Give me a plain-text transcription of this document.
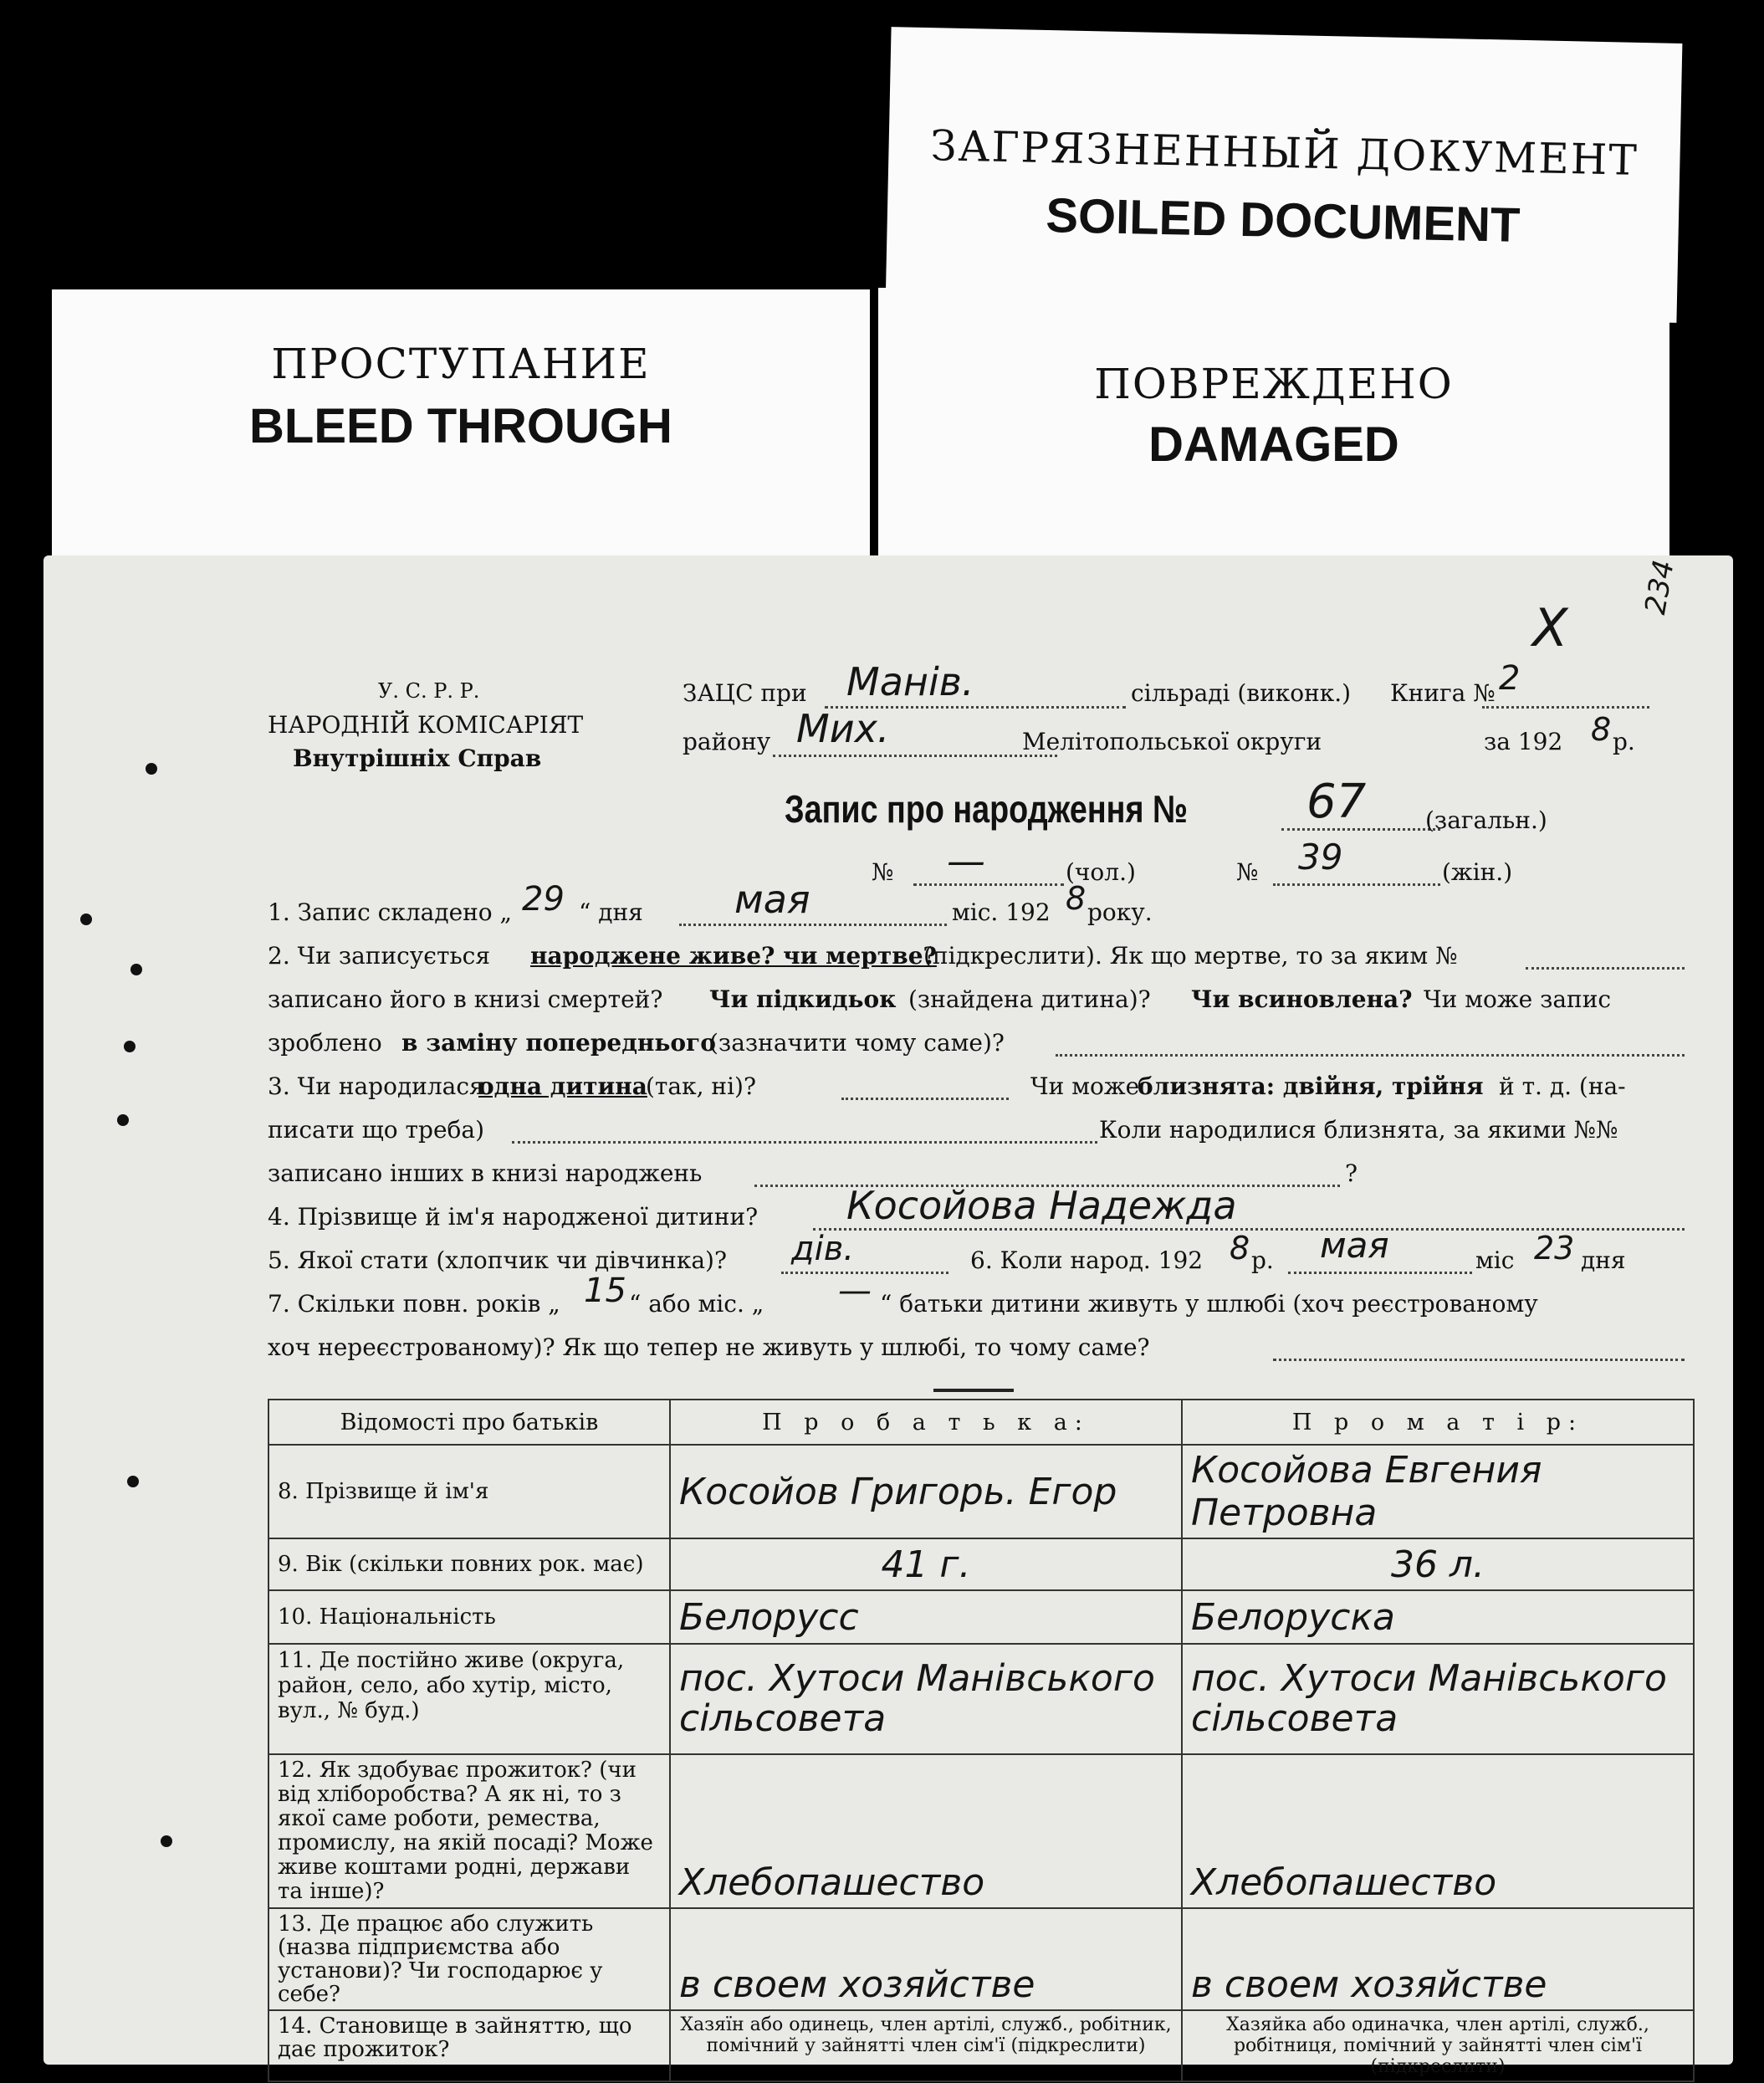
ЗАГРЯЗНЕННЫЙ ДОКУМЕНТ
SOILED DOCUMENT
ПРОСТУПАНИЕ
BLEED THROUGH
ПОВРЕЖДЕНО
DAMAGED
X
234
У. С. Р. Р.
НАРОДНІЙ КОМІСАРІЯТ
Внутрішніх Справ
ЗАЦС при Манів.	сільраді (виконк.) Книга № 2
району Мих.	Мелітопольської округи	за 192 8 р.
Запис про народження №	67	(загальн.)
№ —	(чол.)	№ 39	(жін.)
1. Запис складено „ 29 “ дня мая	міс. 192 8 року.
2. Чи записується народжене живе? чи мертве?
(підкреслити). Як що мертве, то за яким №
записано його в книзі смертей? Чи підкидьок (знайдена дитина)? Чи всиновлена? Чи може запис
зроблено в заміну попереднього
(зазначити чому саме)?
3. Чи народилася
одна дитина
(так, ні)?	Чи може
близнята: двійня, трійня й т. д. (на-
писати що треба)	Коли народилися близнята, за якими №№
записано інших в книзі народжень	?
4. Прізвище й ім'я народженої дитини? Косойова Надежда
5. Якої стати (хлопчик чи дівчинка)? дів.	6. Коли народ. 192 8 р. мая	міс 23 дня
7. Скільки повн. років „ 15 “ або міс. „ — “ батьки дитини живуть у шлюбі (хоч реєстрованому
хоч нереєстрованому)? Як що тепер не живуть у шлюбі, то чому саме?
Відомості про батьків	П р о б а т ь к а:	П р о м а т і р:
8. Прізвище й ім'я	Косойов Григорь. Егор	Косойова Евгения Петровна
9. Вік (скільки повних рок. має)	41 г.	36 л.
10. Національність	Белорусс	Белоруска
11. Де постійно живе (округа, район, село, або хутір, місто, вул., № буд.)	пос. Хутоси Манівського сільсовета	пос. Хутоси Манівського сільсовета
12. Як здобуває прожиток? (чи від хліборобства? А як ні, то з якої саме роботи, ремества, промислу, на якій посаді? Може живе коштами родні, держави та інше)?	Хлебопашество	Хлебопашество
13. Де працює або служить (назва підприємства або установи)? Чи господарює у себе?	в своем хозяйстве	в своем хозяйстве
14. Становище в зайняттю, що дає прожиток?	Хазяїн або одинець, член артілі, служб., робітник, помічний у зайнятті член сім'ї (підкреслити)	Хазяйка або одиначка, член артілі, служб., робітниця, помічний у зайнятті член сім'ї (підкреслити)
